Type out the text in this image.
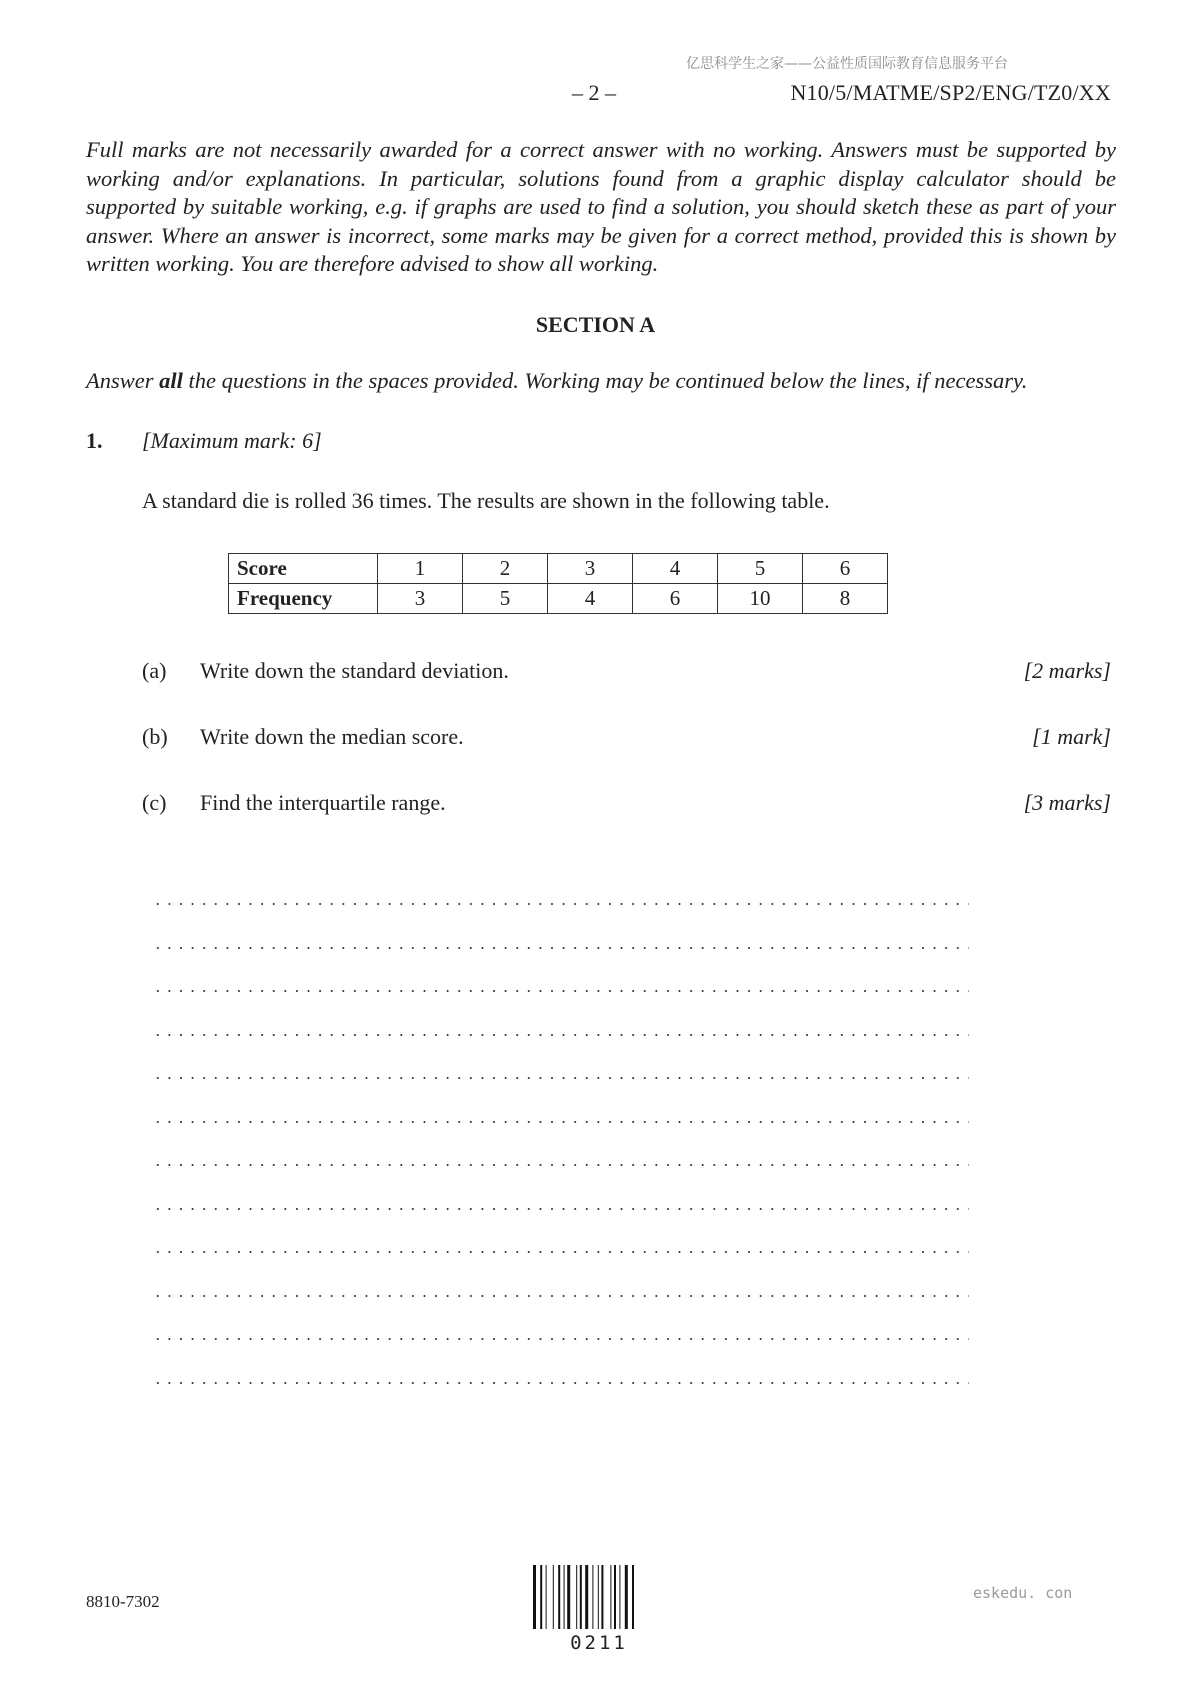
亿思科学生之家——公益性质国际教育信息服务平台
– 2 –	N10/5/MATME/SP2/ENG/TZ0/XX
Full marks are not necessarily awarded for a correct answer with no working. Answers must be supported by working and/or explanations. In particular, solutions found from a graphic display calculator should be supported by suitable working, e.g. if graphs are used to find a solution, you should sketch these as part of your answer. Where an answer is incorrect, some marks may be given for a correct method, provided this is shown by written working. You are therefore advised to show all working.
SECTION A
Answer all the questions in the spaces provided. Working may be continued below the lines, if necessary.
1. [Maximum mark: 6]
A standard die is rolled 36 times. The results are shown in the following table.
Score	1	2	3	4	5	6
Frequency	3	5	4	6	10	8
(a) Write down the standard deviation.	[2 marks]
(b) Write down the median score.	[1 mark]
(c) Find the interquartile range.	[3 marks]
8810-7302
0211
eskedu. con
